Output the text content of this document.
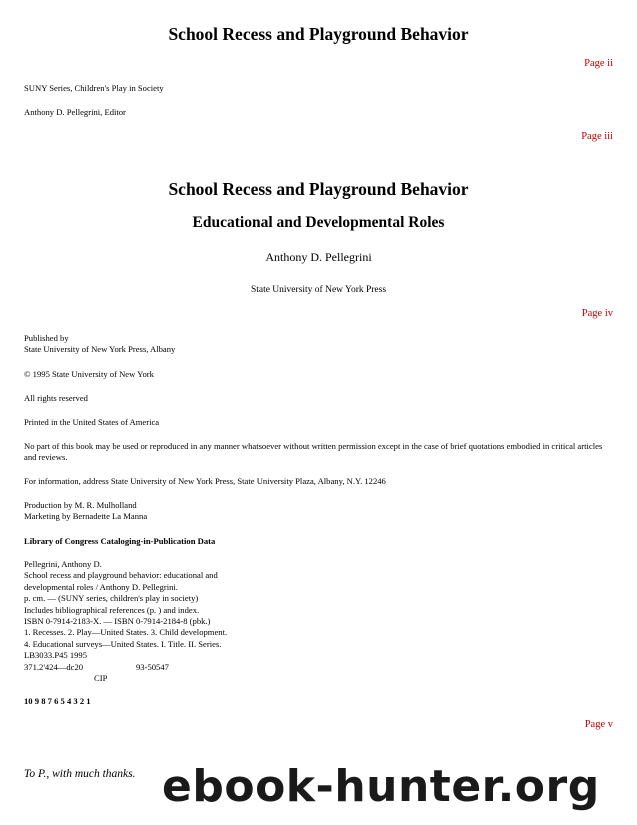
School Recess and Playground Behavior
Page ii

SUNY Series, Children's Play in Society

Anthony D. Pellegrini, Editor

Page iii
School Recess and Playground Behavior
Educational and Developmental Roles

Anthony D. Pellegrini

State University of New York Press

Page iv
Published by
State University of New York Press, Albany

© 1995 State University of New York

All rights reserved

Printed in the United States of America

No part of this book may be used or reproduced in any manner whatsoever without written permission except in the case of brief quotations embodied in critical articles and reviews.

For information, address State University of New York Press, State University Plaza, Albany, N.Y. 12246

Production by M. R. Mulholland
Marketing by Bernadette La Manna

Library of Congress Cataloging-in-Publication Data

Pellegrini, Anthony D.
School recess and playground behavior: educational and
developmental roles / Anthony D. Pellegrini.
p. cm. — (SUNY series, children's play in society)
Includes bibliographical references (p. ) and index.
ISBN 0-7914-2183-X. — ISBN 0-7914-2184-8 (pbk.)
1. Recesses. 2. Play—United States. 3. Child development.
4. Educational surveys—United States. I. Title. II. Series.
LB3033.P45 1995
371.2'424—dc20	93-50547
CIP

10 9 8 7 6 5 4 3 2 1

Page v

To P., with much thanks. ebook-hunter.org
